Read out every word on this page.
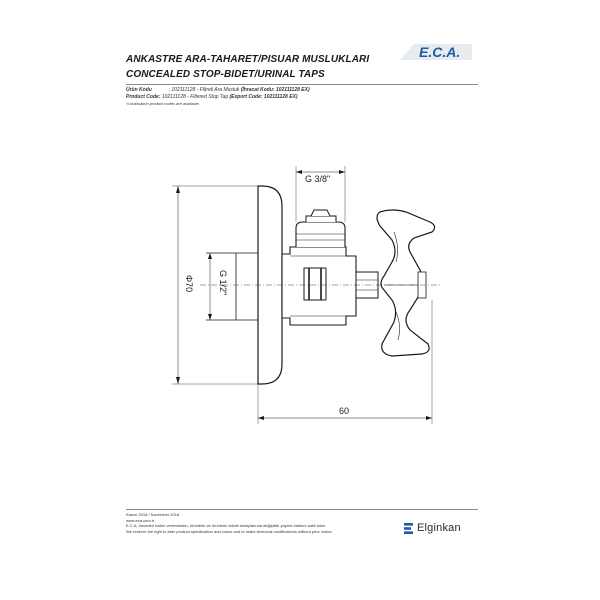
ANKASTRE ARA-TAHARET/PISUAR MUSLUKLARI
CONCEALED STOP-BIDET/URINAL TAPS
E.C.A.
Ürün Kodu	: 102111128 - Filtreli Ara Musluk (İhracat Kodu: 102111128 EX)
Product Code: 102111128 - Filtered Stop Tap (Export Code: 102111128 EX)
*Localisation product codes are available.
G 3/8"
G 1/2"
Φ70
60
Kasım 2018 / November 2018
www.eca.com.tr
E.C.A. önceden haber vermeksizin, ürünlerin ve ürünlerin teknik detaylarında değişiklik yapma hakkını saklı tutar.
We reserve the right to alter product specification and colors and to make technical modifications without prior notice.	Elginkan
